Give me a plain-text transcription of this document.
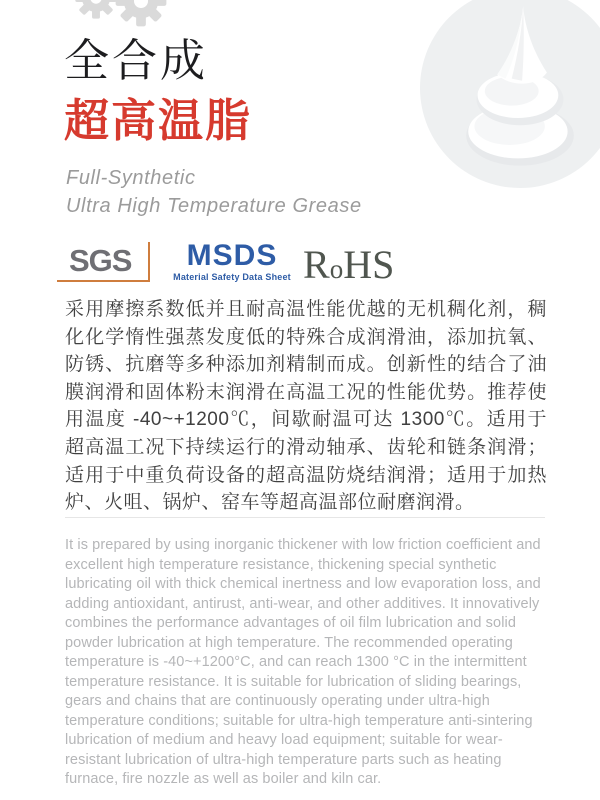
全合成
超高温脂
Full-Synthetic
Ultra High Temperature Grease
SGS	MSDS
Material Safety Data Sheet RoHS
采用摩擦系数低并且耐高温性能优越的无机稠化剂，稠化化学惰性强蒸发度低的特殊合成润滑油，添加抗氧、防锈、抗磨等多种添加剂精制而成。创新性的结合了油膜润滑和固体粉末润滑在高温工况的性能优势。推荐使用温度 -40~+1200℃，间歇耐温可达 1300℃。适用于超高温工况下持续运行的滑动轴承、齿轮和链条润滑；适用于中重负荷设备的超高温防烧结润滑；适用于加热炉、火咀、锅炉、窑车等超高温部位耐磨润滑。
It is prepared by using inorganic thickener with low friction coefficient and excellent high temperature resistance, thickening special synthetic lubricating oil with thick chemical inertness and low evaporation loss, and adding antioxidant, antirust, anti-wear, and other additives. It innovatively combines the performance advantages of oil film lubrication and solid powder lubrication at high temperature. The recommended operating temperature is -40~+1200°C, and can reach 1300 °C in the intermittent temperature resistance. It is suitable for lubrication of sliding bearings, gears and chains that are continuously operating under ultra-high temperature conditions; suitable for ultra-high temperature anti-sintering lubrication of medium and heavy load equipment; suitable for wear-resistant lubrication of ultra-high temperature parts such as heating furnace, fire nozzle as well as boiler and kiln car.
